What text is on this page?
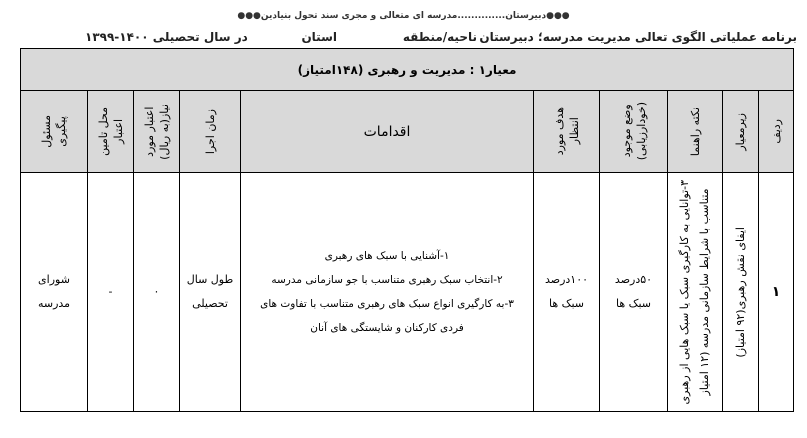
●●●دبیرستان..............مدرسه ای متعالی و مجری سند تحول بنیادین●●●
برنامه عملیاتی الگوی تعالی مدیریت مدرسه؛ دبیرستان
ناحیه/منطقه
استان
در سال تحصیلی ۱۴۰۰-۱۳۹۹
معیار۱ : مدیریت و رهبری (۱۴۸امتیاز)
ردیف
زیرمعیار
نکته راهنما
وضع موجود
(خودارزیابی)
هدف مورد
انتظار
اقدامات
زمان اجرا
اعتبار مورد
نیاز(به ریال)
محل تامین
اعتبار
مسئول
پیگیری
۱
ایفای نقش رهبری(۹۲ امتیاز)
۳-توانایی به کارگیری سبک یا سبک هایی از رهبری
متناسب با شرایط سازمانی مدرسه (۱۲ امتیاز
۵۰درصد
سبک ها
۱۰۰درصد
سبک ها
۱-آشنایی با سبک های رهبری
۲-انتخاب سبک رهبری متناسب با جو سازمانی مدرسه
۳-به کارگیری انواع سبک های رهبری متناسب با تفاوت های
فردی کارکنان و شایستگی های آنان
طول سال
تحصیلی
۰
-
شورای
مدرسه
